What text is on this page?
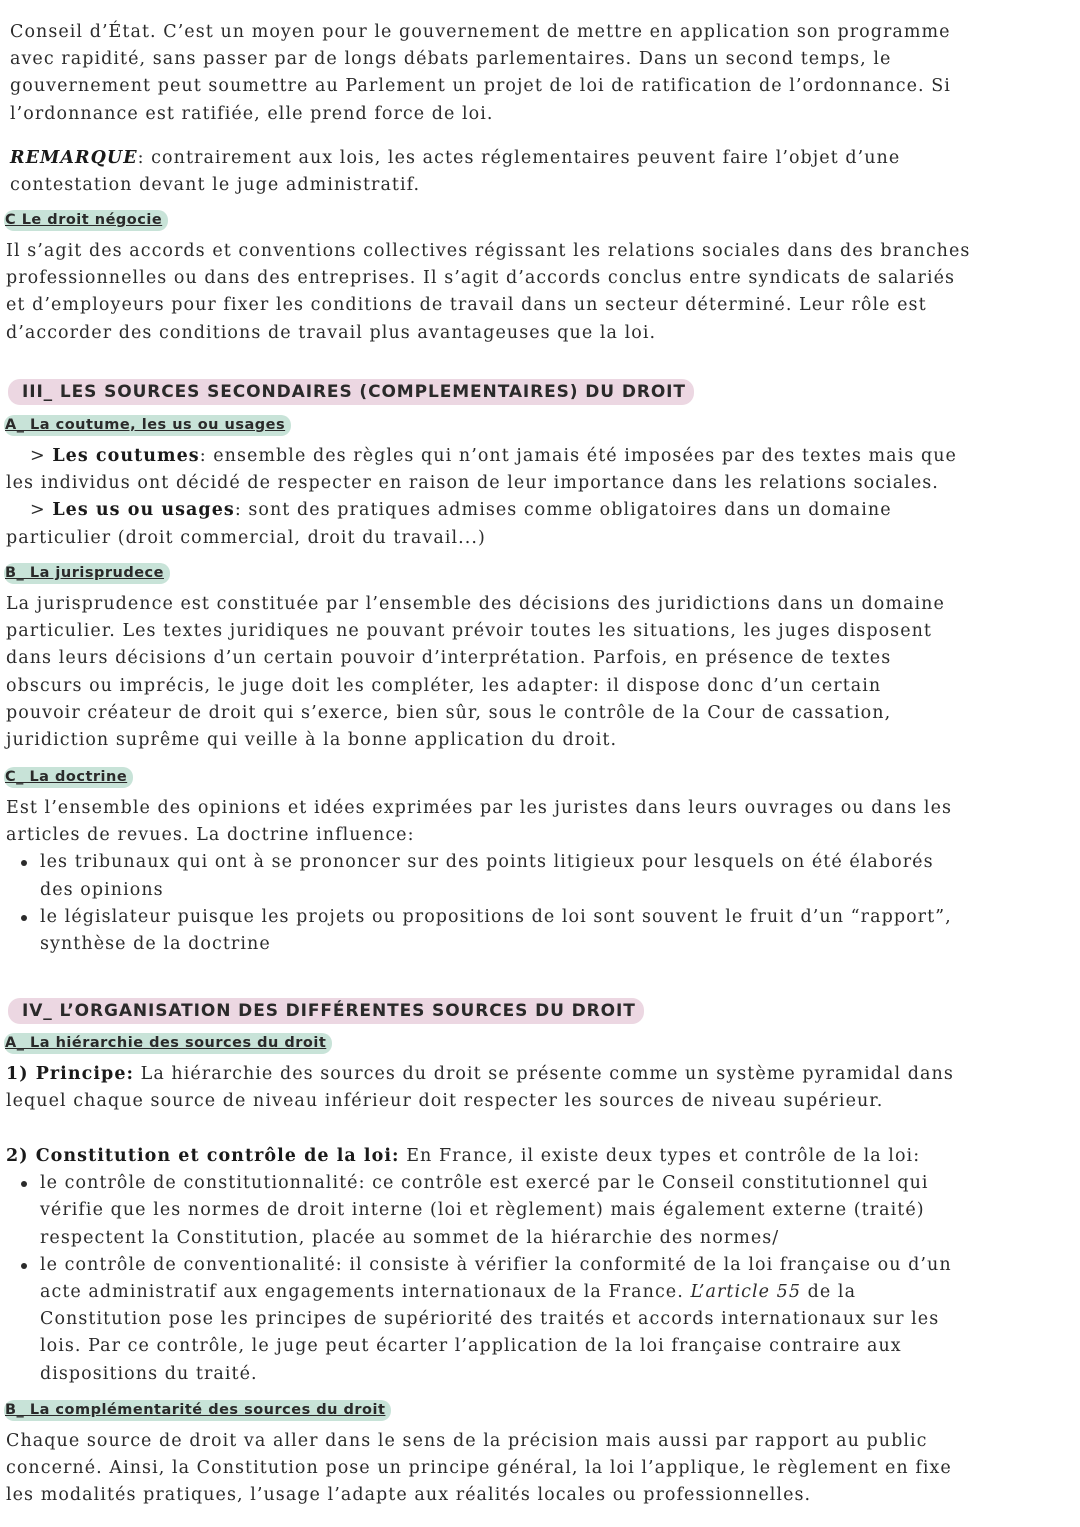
Conseil d’État. C’est un moyen pour le gouvernement de mettre en application son programme

avec rapidité, sans passer par de longs débats parlementaires. Dans un second temps, le

gouvernement peut soumettre au Parlement un projet de loi de ratification de l’ordonnance. Si

l’ordonnance est ratifiée, elle prend force de loi.

REMARQUE: contrairement aux lois, les actes réglementaires peuvent faire l’objet d’une

contestation devant le juge administratif.

C Le droit négocie

Il s’agit des accords et conventions collectives régissant les relations sociales dans des branches

professionnelles ou dans des entreprises. Il s’agit d’accords conclus entre syndicats de salariés

et d’employeurs pour fixer les conditions de travail dans un secteur déterminé. Leur rôle est

d’accorder des conditions de travail plus avantageuses que la loi.

III_ LES SOURCES SECONDAIRES (COMPLEMENTAIRES) DU DROIT
A_ La coutume, les us ou usages

> Les coutumes: ensemble des règles qui n’ont jamais été imposées par des textes mais que

les individus ont décidé de respecter en raison de leur importance dans les relations sociales.

> Les us ou usages: sont des pratiques admises comme obligatoires dans un domaine

particulier (droit commercial, droit du travail...)

B_ La jurisprudece

La jurisprudence est constituée par l’ensemble des décisions des juridictions dans un domaine

particulier. Les textes juridiques ne pouvant prévoir toutes les situations, les juges disposent

dans leurs décisions d’un certain pouvoir d’interprétation. Parfois, en présence de textes

obscurs ou imprécis, le juge doit les compléter, les adapter: il dispose donc d’un certain

pouvoir créateur de droit qui s’exerce, bien sûr, sous le contrôle de la Cour de cassation,

juridiction suprême qui veille à la bonne application du droit.

C_ La doctrine

Est l’ensemble des opinions et idées exprimées par les juristes dans leurs ouvrages ou dans les

articles de revues. La doctrine influence:

les tribunaux qui ont à se prononcer sur des points litigieux pour lesquels on été élaborés

des opinions

le législateur puisque les projets ou propositions de loi sont souvent le fruit d’un “rapport”,

synthèse de la doctrine

IV_ L’ORGANISATION DES DIFFÉRENTES SOURCES DU DROIT
A_ La hiérarchie des sources du droit

1) Principe: La hiérarchie des sources du droit se présente comme un système pyramidal dans

lequel chaque source de niveau inférieur doit respecter les sources de niveau supérieur.

2) Constitution et contrôle de la loi: En France, il existe deux types et contrôle de la loi:

le contrôle de constitutionnalité: ce contrôle est exercé par le Conseil constitutionnel qui

vérifie que les normes de droit interne (loi et règlement) mais également externe (traité)

respectent la Constitution, placée au sommet de la hiérarchie des normes/

le contrôle de conventionalité: il consiste à vérifier la conformité de la loi française ou d’un

acte administratif aux engagements internationaux de la France. L’article 55 de la

Constitution pose les principes de supériorité des traités et accords internationaux sur les

lois. Par ce contrôle, le juge peut écarter l’application de la loi française contraire aux

dispositions du traité.

B_ La complémentarité des sources du droit

Chaque source de droit va aller dans le sens de la précision mais aussi par rapport au public

concerné. Ainsi, la Constitution pose un principe général, la loi l’applique, le règlement en fixe

les modalités pratiques, l’usage l’adapte aux réalités locales ou professionnelles.
